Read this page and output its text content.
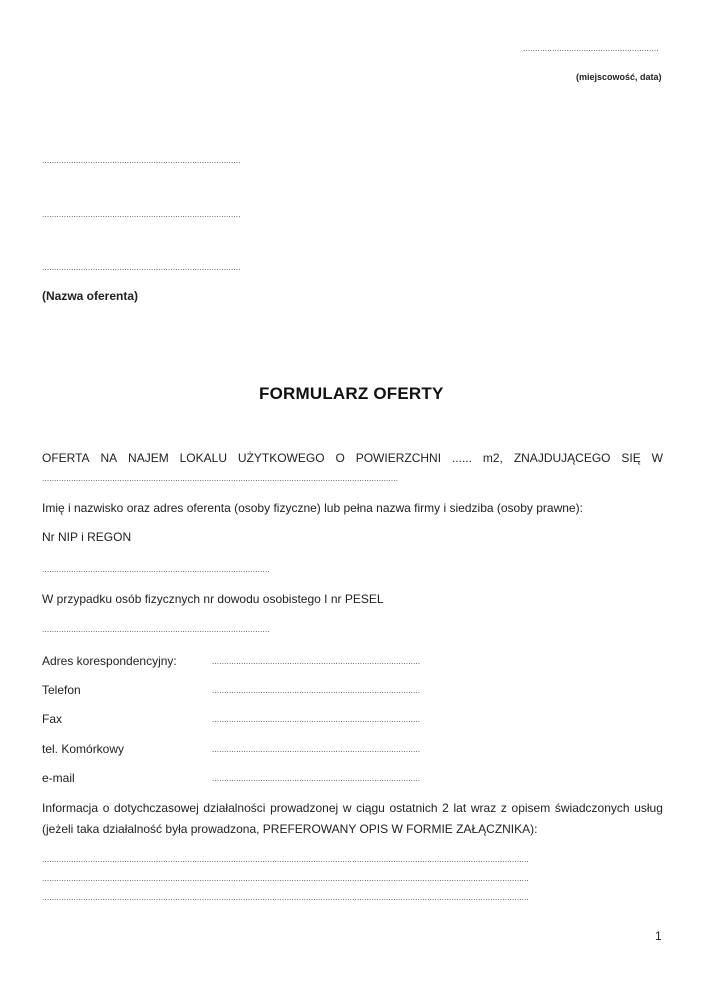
........................................................
(miejscowość, data)
..................................................................................
..................................................................................
..................................................................................
(Nazwa oferenta)
FORMULARZ OFERTY
OFERTA NA NAJEM LOKALU UŻYTKOWEGO O POWIERZCHNI ...... m2, ZNAJDUJĄCEGO SIĘ W
...................................................................................................................................................
Imię i nazwisko oraz adres oferenta (osoby fizyczne) lub pełna nazwa firmy i siedziba (osoby prawne):
Nr NIP i REGON
..............................................................................................
W przypadku osób fizycznych nr dowodu osobistego I nr PESEL
..............................................................................................
Adres korespondencyjny:	......................................................................................
Telefon	......................................................................................
Fax	......................................................................................
tel. Komórkowy	......................................................................................
e-mail	......................................................................................
Informacja o dotychczasowej działalności prowadzonej w ciągu ostatnich 2 lat wraz z opisem świadczonych usług
(jeżeli taka działalność była prowadzona, PREFEROWANY OPIS W FORMIE ZAŁĄCZNIKA):
.........................................................................................................................................................................................................
.........................................................................................................................................................................................................
.........................................................................................................................................................................................................
1
